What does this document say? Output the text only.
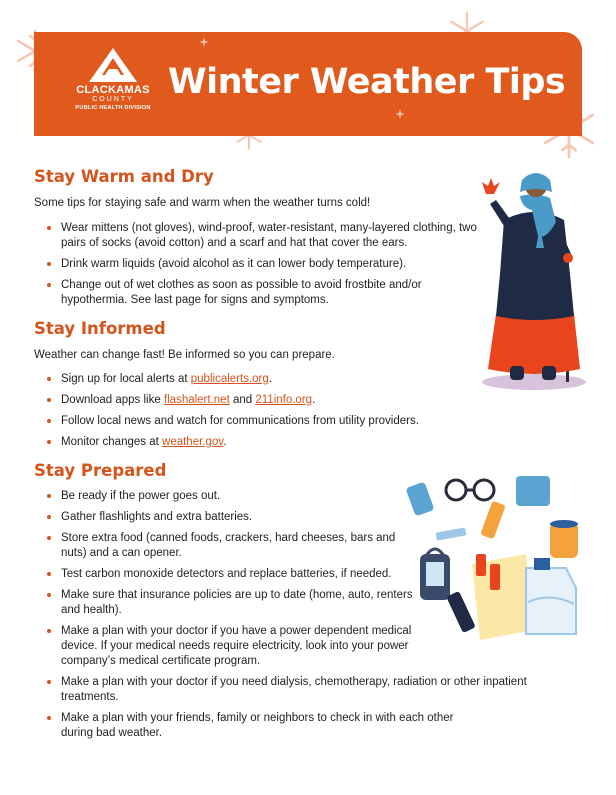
CLACKAMAS
COUNTY
PUBLIC HEALTH DIVISION
Winter Weather Tips
Stay Warm and Dry
Some tips for staying safe and warm when the weather turns cold!
Wear mittens (not gloves), wind-proof, water-resistant, many-layered clothing, two pairs of socks (avoid cotton) and a scarf and hat that cover the ears.
Drink warm liquids (avoid alcohol as it can lower body temperature).
Change out of wet clothes as soon as possible to avoid frostbite and/or hypothermia. See last page for signs and symptoms.
Stay Informed
Weather can change fast! Be informed so you can prepare.
Sign up for local alerts at publicalerts.org.
Download apps like flashalert.net and 211info.org.
Follow local news and watch for communications from utility providers.
Monitor changes at weather.gov.
Stay Prepared
Be ready if the power goes out.
Gather flashlights and extra batteries.
Store extra food (canned foods, crackers, hard cheeses, bars and nuts) and a can opener.
Test carbon monoxide detectors and replace batteries, if needed.
Make sure that insurance policies are up to date (home, auto, renters and health).
Make a plan with your doctor if you have a power dependent medical device. If your medical needs require electricity, look into your power company’s medical certificate program.
Make a plan with your doctor if you need dialysis, chemotherapy, radiation or other inpatient treatments.
Make a plan with your friends, family or neighbors to check in with each other during bad weather.
